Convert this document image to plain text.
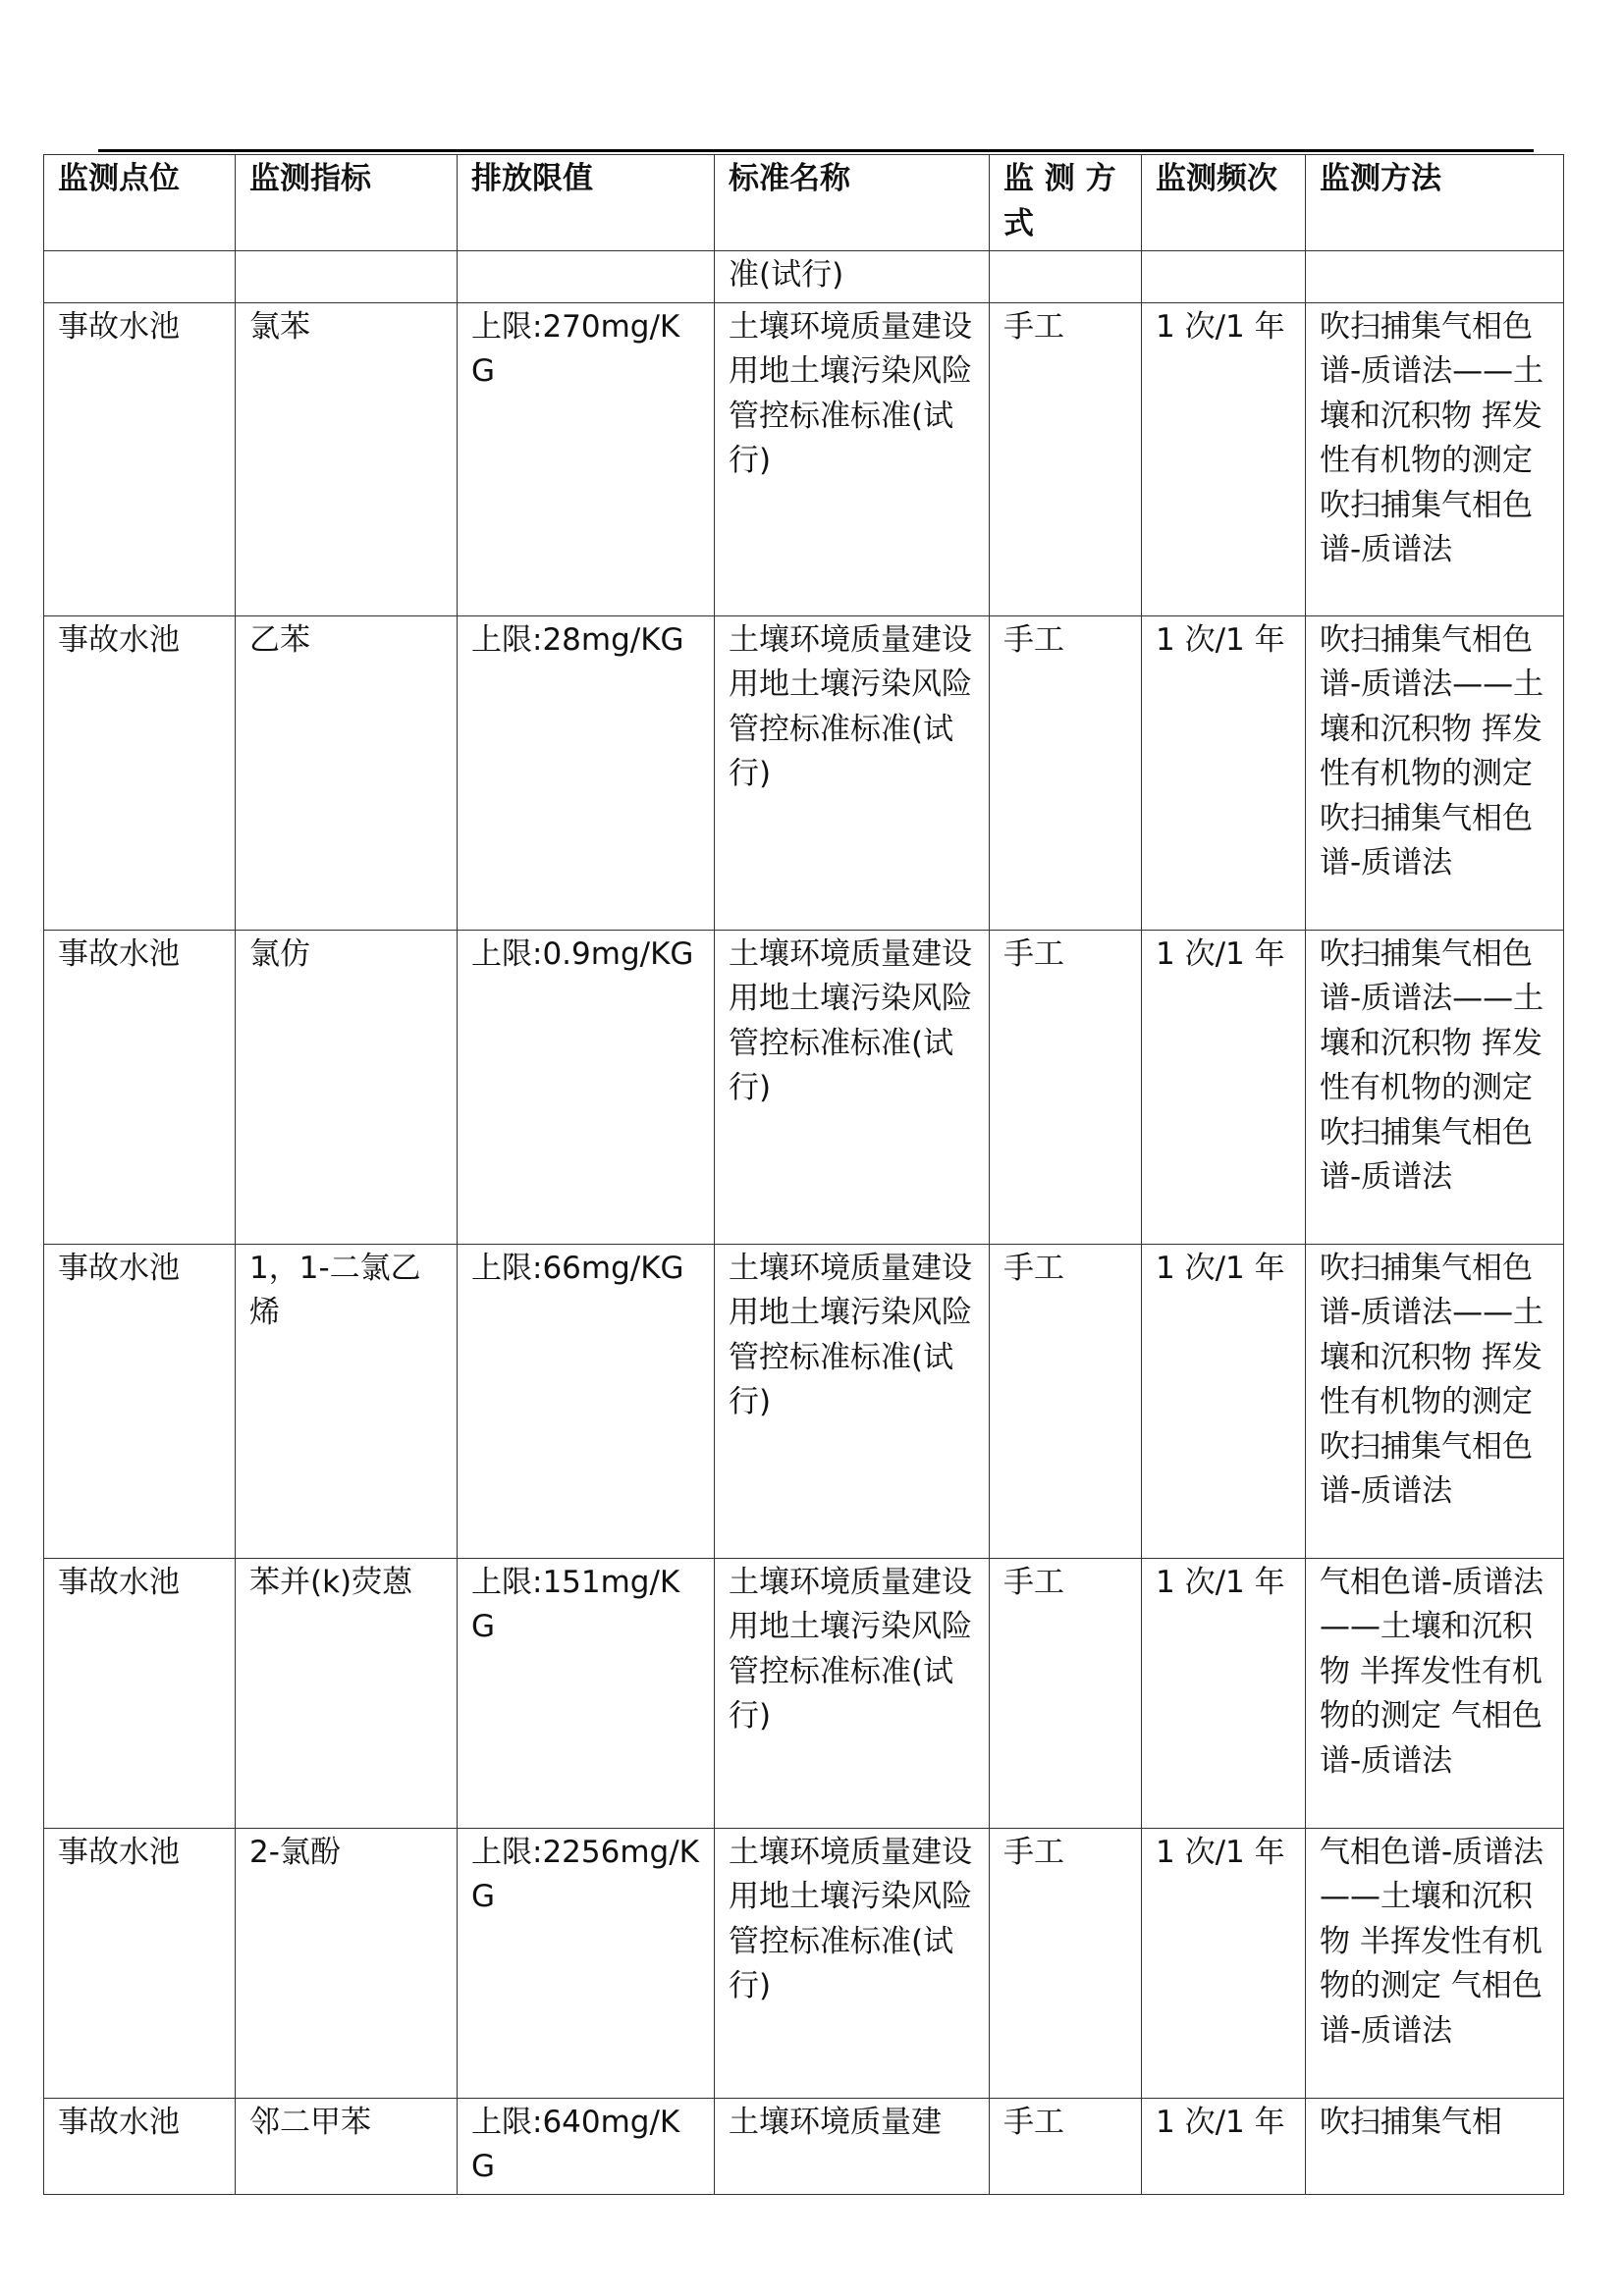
监测点位	监测指标	排放限值	标准名称	监 测 方式	监测频次	监测方法
			准(试行)			
事故水池	氯苯	上限:270mg/KG	土壤环境质量建设用地土壤污染风险管控标准标准(试行)	手工	1 次/1 年	吹扫捕集气相色谱-质谱法——土壤和沉积物 挥发性有机物的测定 吹扫捕集气相色谱-质谱法
事故水池	乙苯	上限:28mg/KG	土壤环境质量建设用地土壤污染风险管控标准标准(试行)	手工	1 次/1 年	吹扫捕集气相色谱-质谱法——土壤和沉积物 挥发性有机物的测定 吹扫捕集气相色谱-质谱法
事故水池	氯仿	上限:0.9mg/KG	土壤环境质量建设用地土壤污染风险管控标准标准(试行)	手工	1 次/1 年	吹扫捕集气相色谱-质谱法——土壤和沉积物 挥发性有机物的测定 吹扫捕集气相色谱-质谱法
事故水池	1，1-二氯乙烯	上限:66mg/KG	土壤环境质量建设用地土壤污染风险管控标准标准(试行)	手工	1 次/1 年	吹扫捕集气相色谱-质谱法——土壤和沉积物 挥发性有机物的测定 吹扫捕集气相色谱-质谱法
事故水池	苯并(k)荧蒽	上限:151mg/KG	土壤环境质量建设用地土壤污染风险管控标准标准(试行)	手工	1 次/1 年	气相色谱-质谱法——土壤和沉积物 半挥发性有机物的测定 气相色谱-质谱法
事故水池	2-氯酚	上限:2256mg/KG	土壤环境质量建设用地土壤污染风险管控标准标准(试行)	手工	1 次/1 年	气相色谱-质谱法——土壤和沉积物 半挥发性有机物的测定 气相色谱-质谱法
事故水池	邻二甲苯	上限:640mg/KG	土壤环境质量建	手工	1 次/1 年	吹扫捕集气相
